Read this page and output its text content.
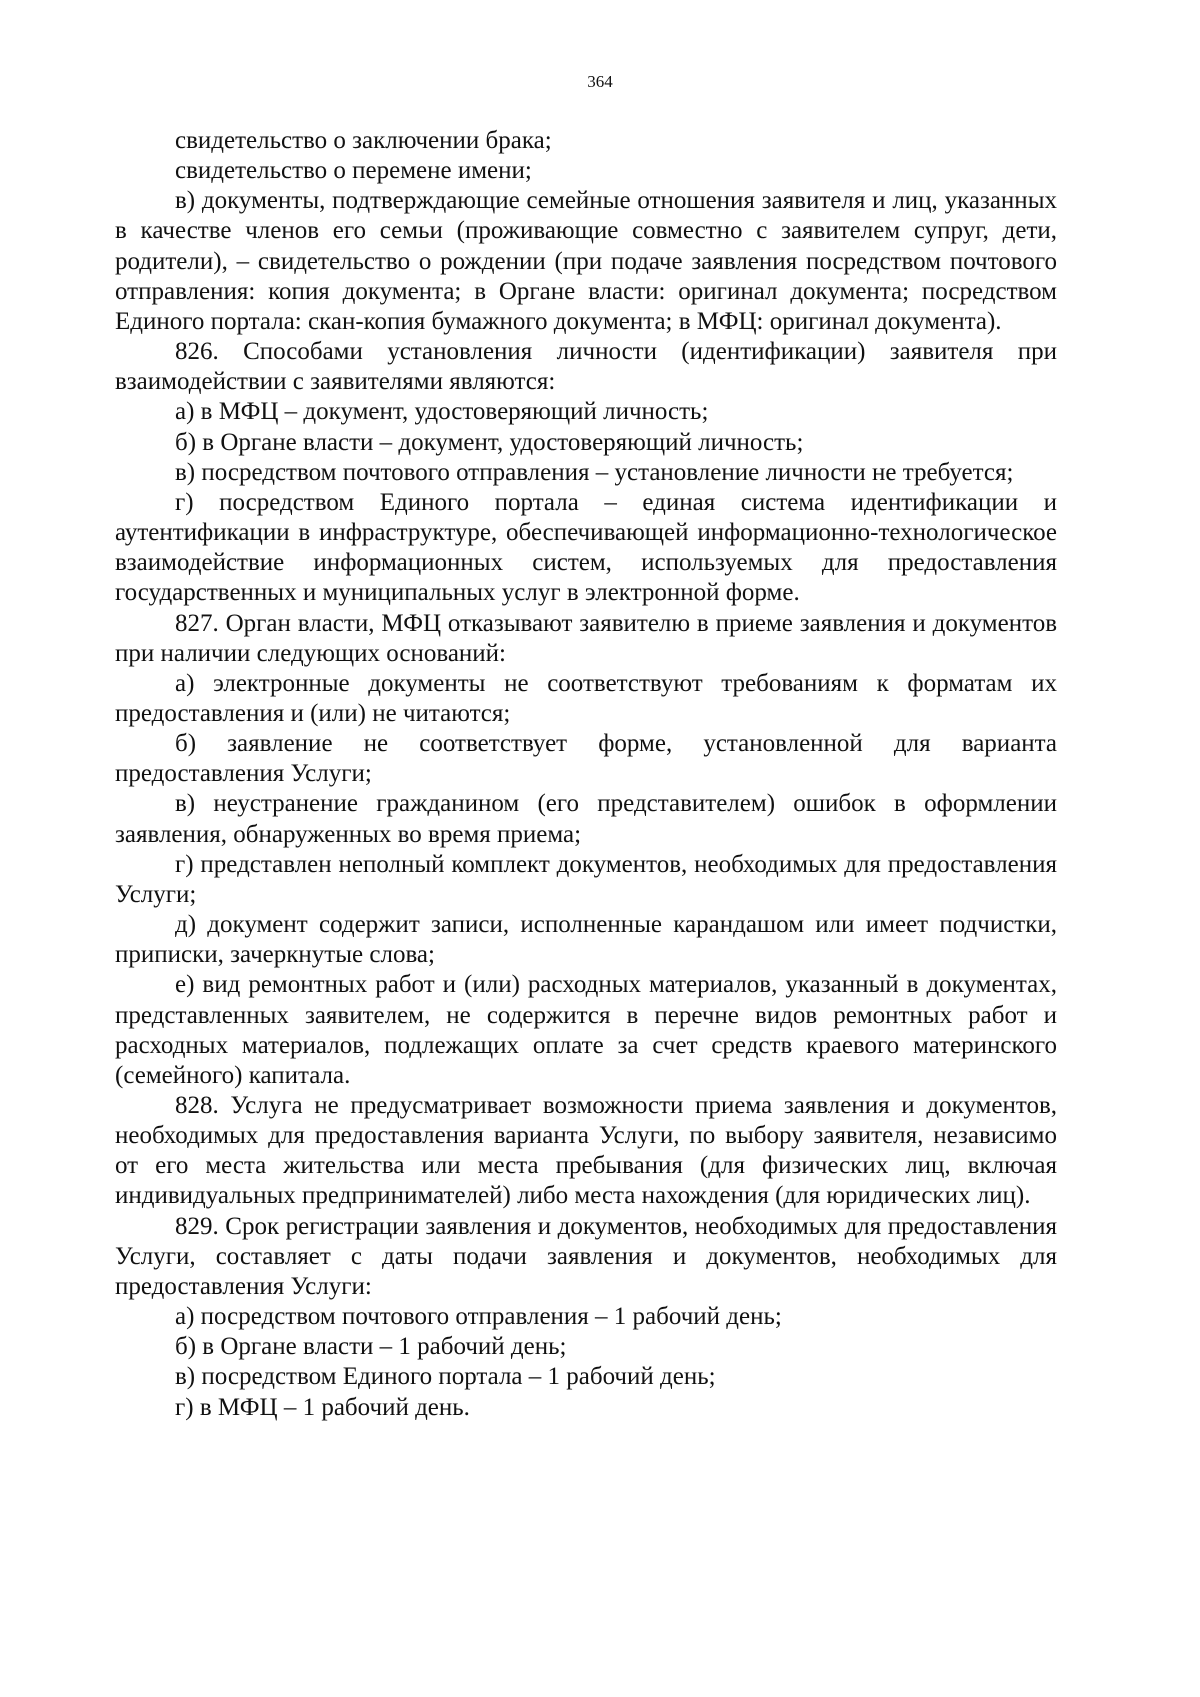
364

свидетельство о заключении брака;

свидетельство о перемене имени;

в) документы, подтверждающие семейные отношения заявителя и лиц, указанных в качестве членов его семьи (проживающие совместно с заявителем супруг, дети, родители), – свидетельство о рождении (при подаче заявления посредством почтового отправления: копия документа; в Органе власти: оригинал документа; посредством Единого портала: скан-копия бумажного документа; в МФЦ: оригинал документа).

826. Способами установления личности (идентификации) заявителя при взаимодействии с заявителями являются:

а) в МФЦ – документ, удостоверяющий личность;

б) в Органе власти – документ, удостоверяющий личность;

в) посредством почтового отправления – установление личности не требуется;

г) посредством Единого портала – единая система идентификации и аутентификации в инфраструктуре, обеспечивающей информационно-технологическое взаимодействие информационных систем, используемых для предоставления государственных и муниципальных услуг в электронной форме.

827. Орган власти, МФЦ отказывают заявителю в приеме заявления и документов при наличии следующих оснований:

а) электронные документы не соответствуют требованиям к форматам их предоставления и (или) не читаются;

б) заявление не соответствует форме, установленной для варианта предоставления Услуги;

в) неустранение гражданином (его представителем) ошибок в оформлении заявления, обнаруженных во время приема;

г) представлен неполный комплект документов, необходимых для предоставления Услуги;

д) документ содержит записи, исполненные карандашом или имеет подчистки, приписки, зачеркнутые слова;

е) вид ремонтных работ и (или) расходных материалов, указанный в документах, представленных заявителем, не содержится в перечне видов ремонтных работ и расходных материалов, подлежащих оплате за счет средств краевого материнского (семейного) капитала.

828. Услуга не предусматривает возможности приема заявления и документов, необходимых для предоставления варианта Услуги, по выбору заявителя, независимо от его места жительства или места пребывания (для физических лиц, включая индивидуальных предпринимателей) либо места нахождения (для юридических лиц).

829. Срок регистрации заявления и документов, необходимых для предоставления Услуги, составляет с даты подачи заявления и документов, необходимых для предоставления Услуги:

а) посредством почтового отправления – 1 рабочий день;

б) в Органе власти – 1 рабочий день;

в) посредством Единого портала – 1 рабочий день;

г) в МФЦ – 1 рабочий день.
